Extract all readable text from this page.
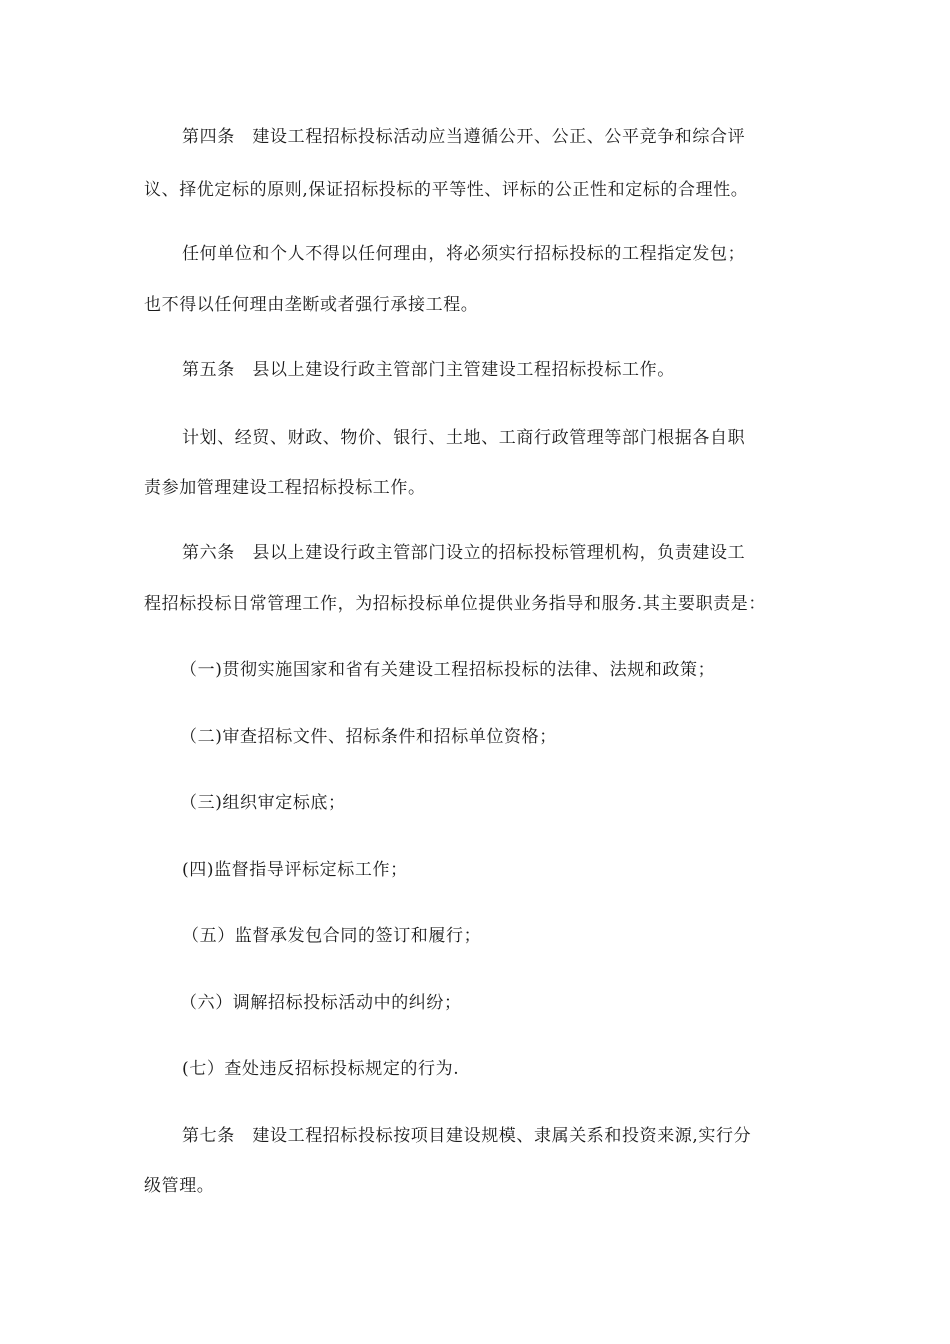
第四条　建设工程招标投标活动应当遵循公开、公正、公平竞争和综合评
议、择优定标的原则,保证招标投标的平等性、评标的公正性和定标的合理性。
任何单位和个人不得以任何理由，将必须实行招标投标的工程指定发包；
也不得以任何理由垄断或者强行承接工程。
第五条　县以上建设行政主管部门主管建设工程招标投标工作。
计划、经贸、财政、物价、银行、土地、工商行政管理等部门根据各自职
责参加管理建设工程招标投标工作。
第六条　县以上建设行政主管部门设立的招标投标管理机构，负责建设工
程招标投标日常管理工作，为招标投标单位提供业务指导和服务.其主要职责是：
（一)贯彻实施国家和省有关建设工程招标投标的法律、法规和政策；
（二)审查招标文件、招标条件和招标单位资格；
（三)组织审定标底；
(四)监督指导评标定标工作；
（五）监督承发包合同的签订和履行；
（六）调解招标投标活动中的纠纷；
(七）查处违反招标投标规定的行为.
第七条　建设工程招标投标按项目建设规模、隶属关系和投资来源,实行分
级管理。
